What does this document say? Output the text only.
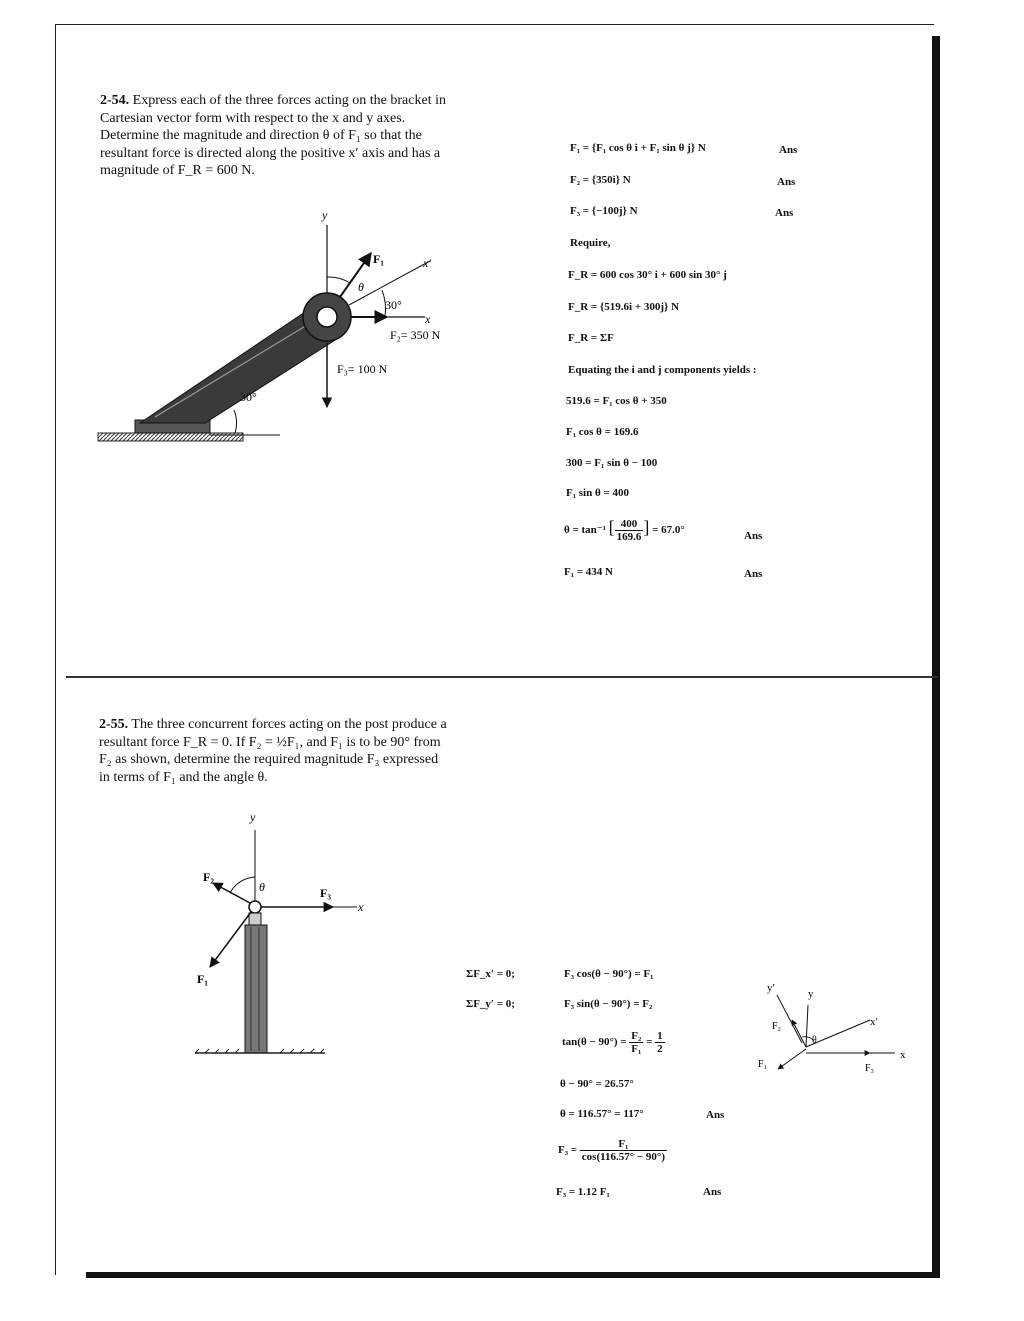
2-54. Express each of the three forces acting on the bracket in Cartesian vector form with respect to the x and y axes. Determine the magnitude and direction θ of F₁ so that the resultant force is directed along the positive x′ axis and has a magnitude of F_R = 600 N.
30°
y
F₃= 100 N
x
F₂= 350 N
x′
30°
F₁
θ
F₁ = {F₁ cos θ i + F₁ sin θ j} N	Ans
F₂ = {350i} N	Ans
F₃ = {−100j} N	Ans
Require,
F_R = 600 cos 30° i + 600 sin 30° j
F_R = {519.6i + 300j} N
F_R = ΣF
Equating the i and j components yields :
519.6 = F₁ cos θ + 350
F₁ cos θ = 169.6
300 = F₁ sin θ − 100
F₁ sin θ = 400
θ = tan⁻¹ [ $\frac{400}{169.6}$ ] = 67.0°	Ans
F₁ = 434 N	Ans
2-55. The three concurrent forces acting on the post produce a resultant force F_R = 0. If F₂ = ½F₁, and F₁ is to be 90° from F₂ as shown, determine the required magnitude F₃ expressed in terms of F₁ and the angle θ.
y
x
F₃
F₂
θ
F₁	ΣF_x′ = 0;	F₃ cos(θ − 90°) = F₁
ΣF_y′ = 0;	F₃ sin(θ − 90°) = F₂
$\tan(\theta - 90^\circ) = \frac{\text{F₂}}{\text{F₁}} = \frac{1}{2}$
θ − 90° = 26.57°
θ = 116.57° = 117°	Ans
$F_3 = \frac{\text{F₁}}{\cos(116.57^\circ - 90^\circ)}$
F₃ = 1.12 F₁	Ans
y′	y
x′
x
F₃
F₂
F₁
θ
